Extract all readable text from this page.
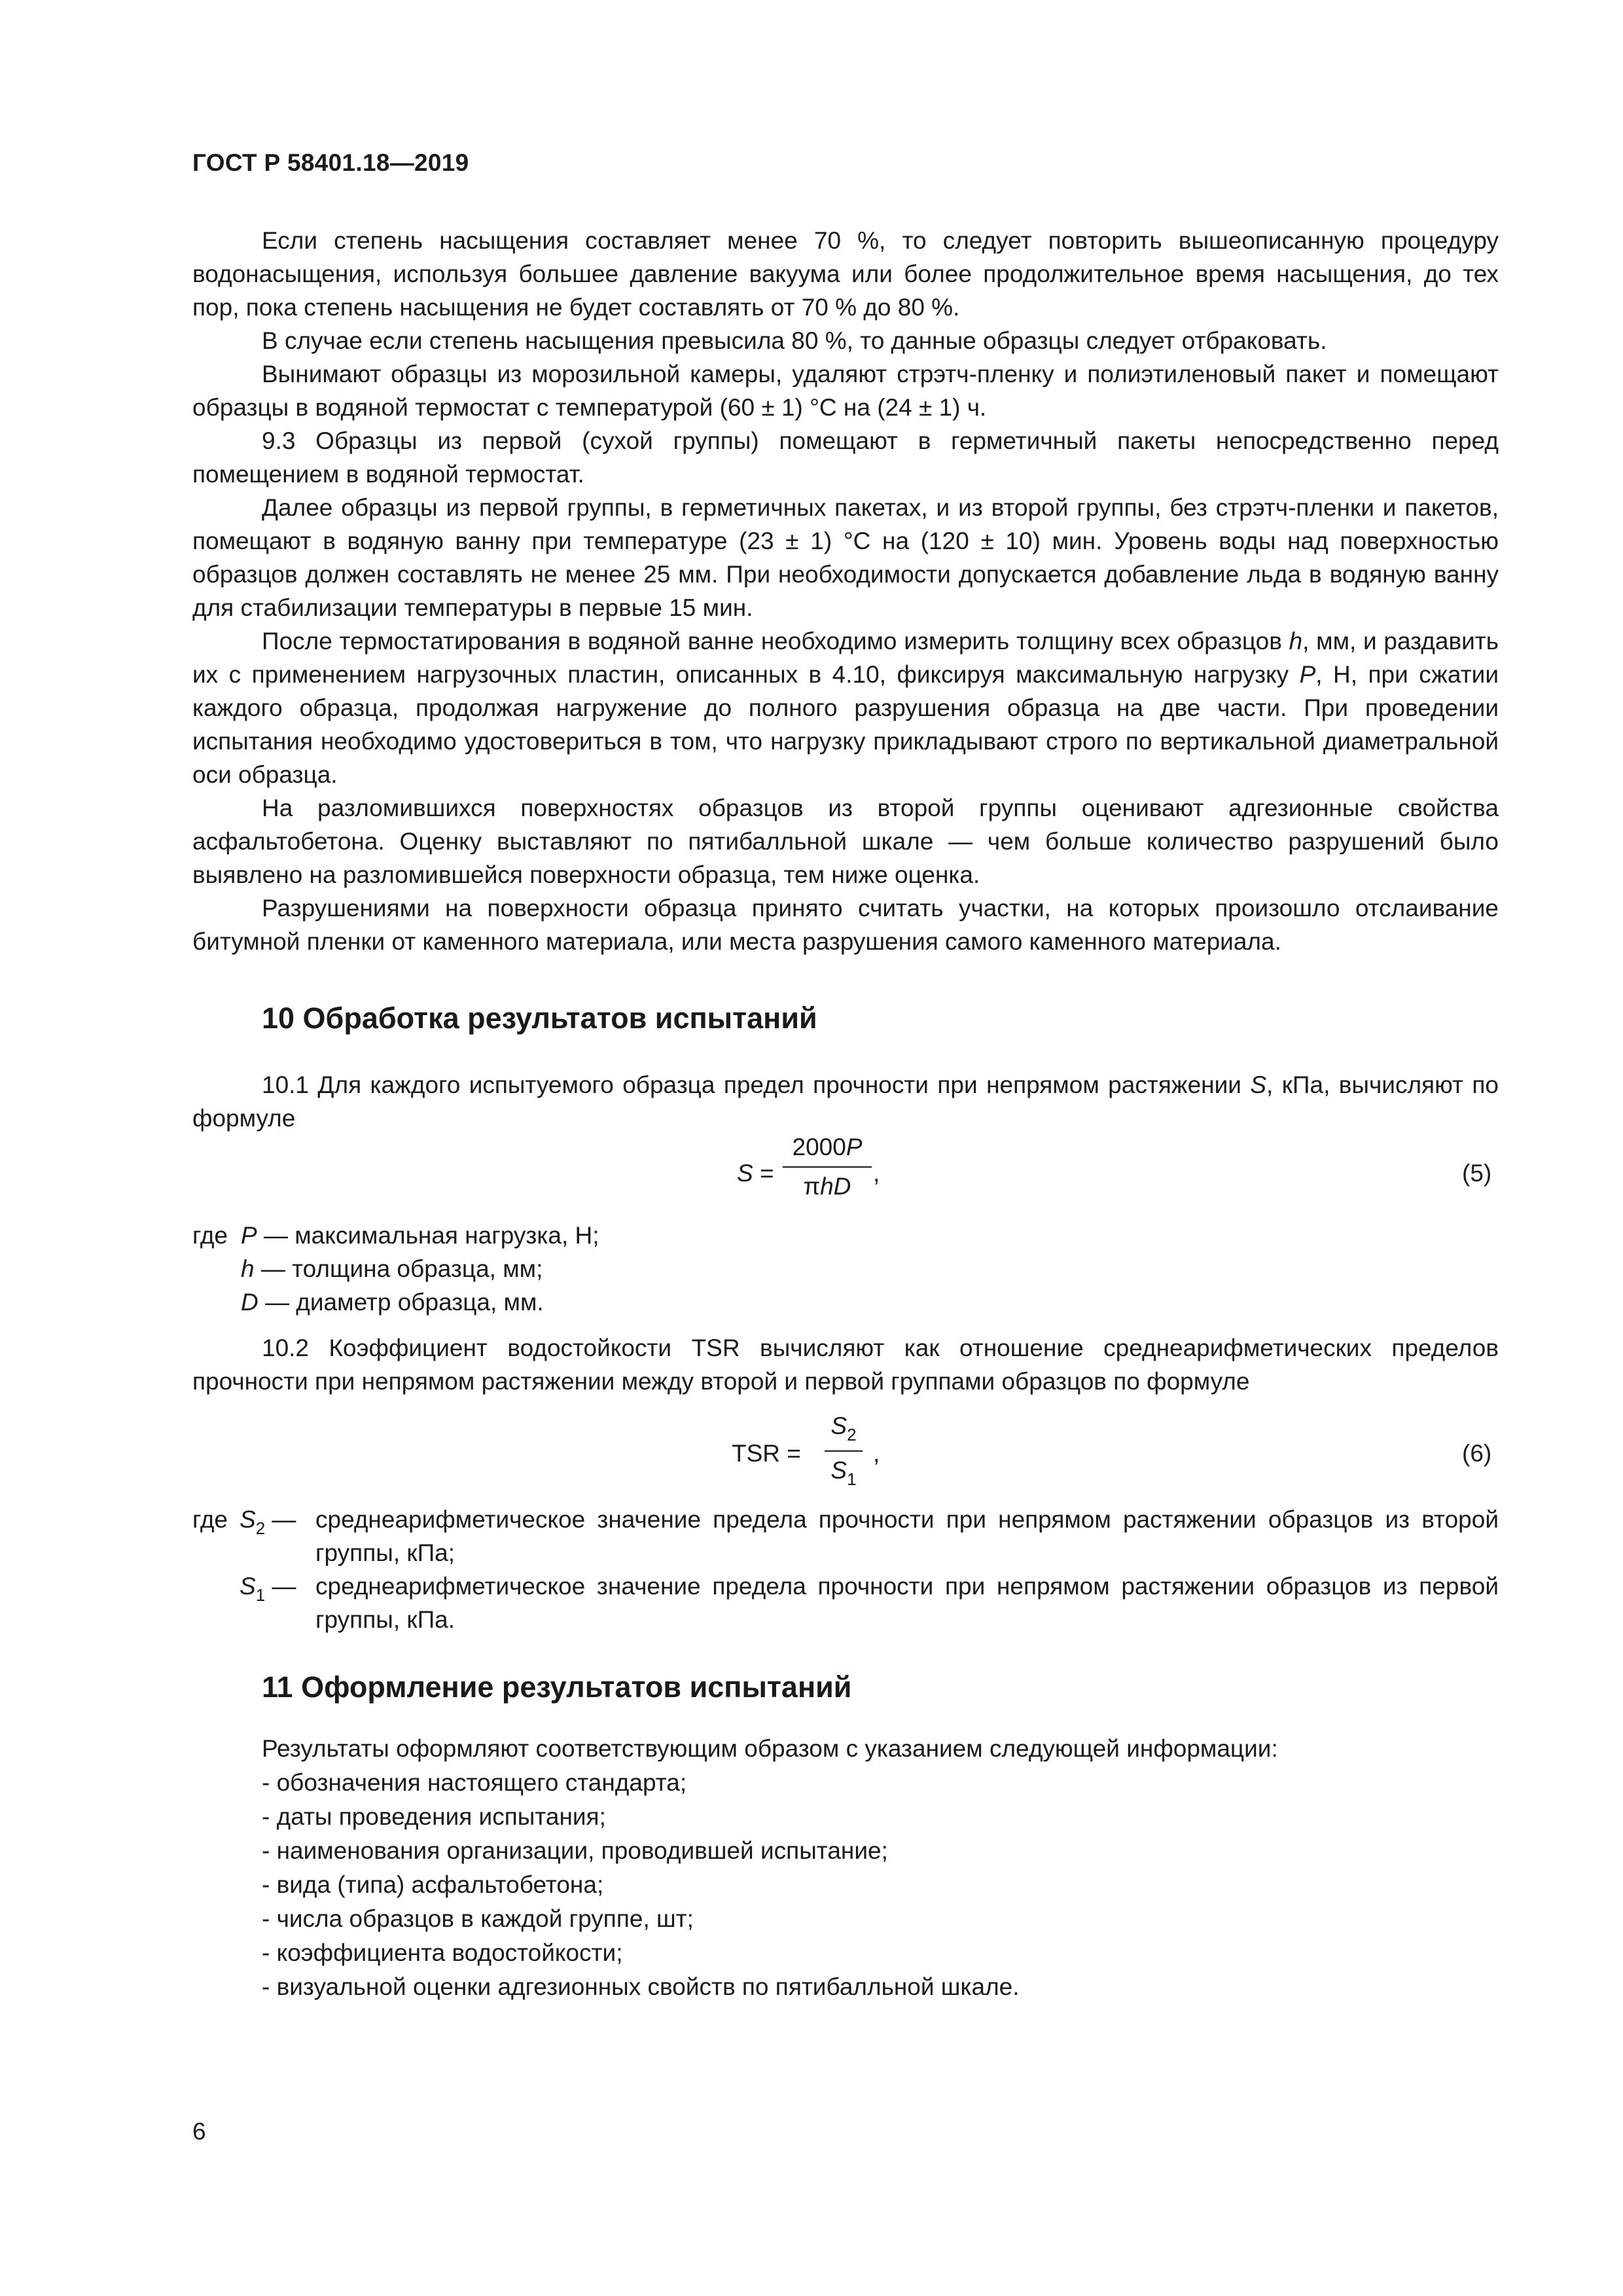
ГОСТ Р 58401.18—2019

Если степень насыщения составляет менее 70 %, то следует повторить вышеописанную процедуру водонасыщения, используя большее давление вакуума или более продолжительное время насыщения, до тех пор, пока степень насыщения не будет составлять от 70 % до 80 %.

В случае если степень насыщения превысила 80 %, то данные образцы следует отбраковать.

Вынимают образцы из морозильной камеры, удаляют стрэтч-пленку и полиэтиленовый пакет и помещают образцы в водяной термостат с температурой (60 ± 1) °С на (24 ± 1) ч.

9.3 Образцы из первой (сухой группы) помещают в герметичный пакеты непосредственно перед помещением в водяной термостат.

Далее образцы из первой группы, в герметичных пакетах, и из второй группы, без стрэтч-пленки и пакетов, помещают в водяную ванну при температуре (23 ± 1) °С на (120 ± 10) мин. Уровень воды над поверхностью образцов должен составлять не менее 25 мм. При необходимости допускается добавление льда в водяную ванну для стабилизации температуры в первые 15 мин.

После термостатирования в водяной ванне необходимо измерить толщину всех образцов h, мм, и раздавить их с применением нагрузочных пластин, описанных в 4.10, фиксируя максимальную нагрузку P, Н, при сжатии каждого образца, продолжая нагружение до полного разрушения образца на две части. При проведении испытания необходимо удостовериться в том, что нагрузку прикладывают строго по вертикальной диаметральной оси образца.

На разломившихся поверхностях образцов из второй группы оценивают адгезионные свойства асфальтобетона. Оценку выставляют по пятибалльной шкале — чем больше количество разрушений было выявлено на разломившейся поверхности образца, тем ниже оценка.

Разрушениями на поверхности образца принято считать участки, на которых произошло отслаивание битумной пленки от каменного материала, или места разрушения самого каменного материала.

10 Обработка результатов испытаний

10.1 Для каждого испытуемого образца предел прочности при непрямом растяжении S, кПа, вычисляют по формуле

S =
2000P
πhD ,	(5)
где P — максимальная нагрузка, Н;
h — толщина образца, мм;
D — диаметр образца, мм.

10.2 Коэффициент водостойкости TSR вычисляют как отношение среднеарифметических пределов прочности при непрямом растяжении между второй и первой группами образцов по формуле

TSR = $\frac{S_2}{S_1}$ ,	(6)
где $S_2$ — среднеарифметическое значение предела прочности при непрямом растяжении образцов из второй группы, кПа;
$S_1$ — среднеарифметическое значение предела прочности при непрямом растяжении образцов из первой группы, кПа.
11 Оформление результатов испытаний
Результаты оформляют соответствующим образом с указанием следующей информации:
- обозначения настоящего стандарта;
- даты проведения испытания;
- наименования организации, проводившей испытание;
- вида (типа) асфальтобетона;
- числа образцов в каждой группе, шт;
- коэффициента водостойкости;
- визуальной оценки адгезионных свойств по пятибалльной шкале.
6
